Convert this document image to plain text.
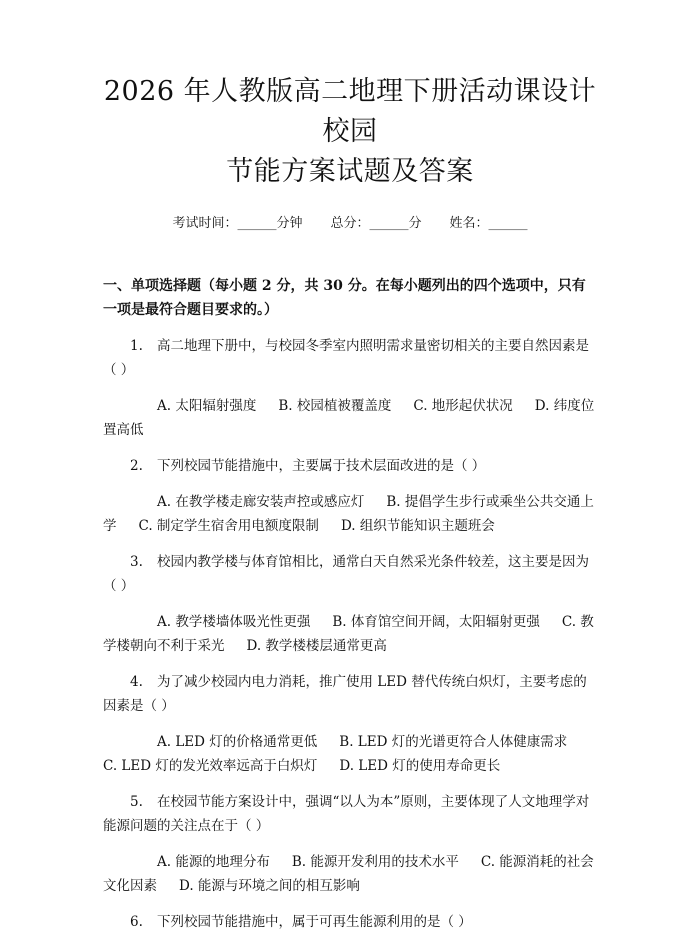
2026 年人教版高二地理下册活动课设计校园
节能方案试题及答案
考试时间：______分钟 总分：______分 姓名：______
一、单项选择题（每小题 2 分，共 30 分。在每小题列出的四个选项中，只有一项是最符合题目要求的。）
1. 高二地理下册中，与校园冬季室内照明需求量密切相关的主要自然因素是（ ）
A. 太阳辐射强度 B. 校园植被覆盖度 C. 地形起伏状况 D. 纬度位置高低
2. 下列校园节能措施中，主要属于技术层面改进的是（ ）
A. 在教学楼走廊安装声控或感应灯 B. 提倡学生步行或乘坐公共交通上学 C. 制定学生宿舍用电额度限制 D. 组织节能知识主题班会
3. 校园内教学楼与体育馆相比，通常白天自然采光条件较差，这主要是因为（ ）
A. 教学楼墙体吸光性更强 B. 体育馆空间开阔，太阳辐射更强 C. 教学楼朝向不利于采光 D. 教学楼楼层通常更高
4. 为了减少校园内电力消耗，推广使用 LED 替代传统白炽灯，主要考虑的因素是（ ）
A. LED 灯的价格通常更低 B. LED 灯的光谱更符合人体健康需求C. LED 灯的发光效率远高于白炽灯 D. LED 灯的使用寿命更长
5. 在校园节能方案设计中，强调“以人为本”原则，主要体现了人文地理学对能源问题的关注点在于（ ）
A. 能源的地理分布 B. 能源开发利用的技术水平 C. 能源消耗的社会文化因素 D. 能源与环境之间的相互影响
6. 下列校园节能措施中，属于可再生能源利用的是（ ）
